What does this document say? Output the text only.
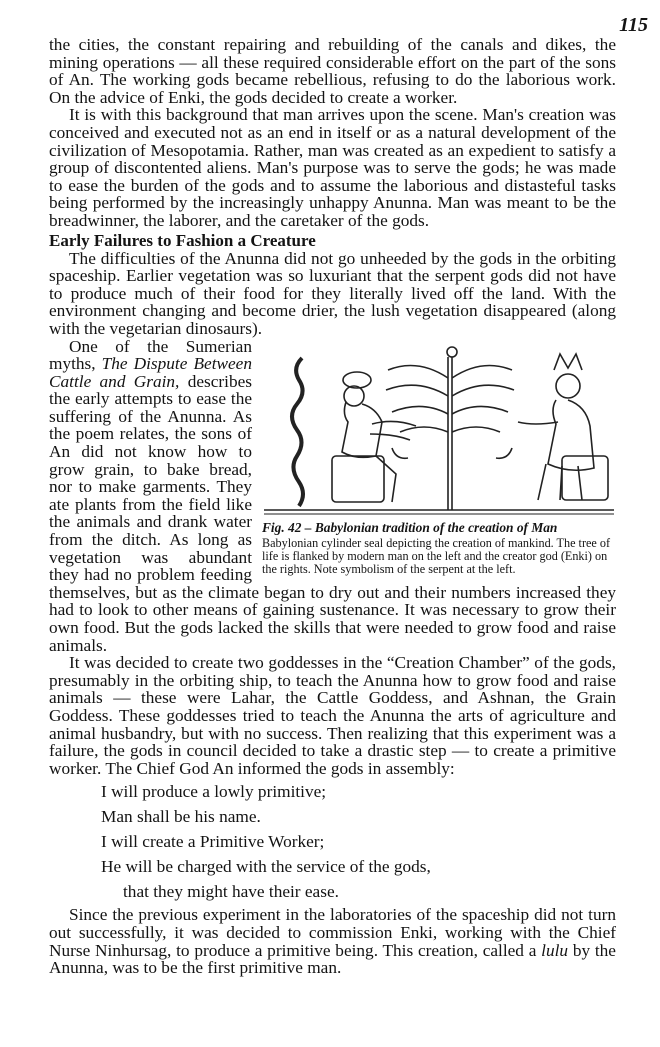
115

the cities, the constant repairing and rebuilding of the canals and dikes, the mining operations — all these required considerable effort on the part of the sons of An. The working gods became rebellious, refusing to do the laborious work. On the advice of Enki, the gods decided to create a worker.

It is with this background that man arrives upon the scene. Man's creation was conceived and executed not as an end in itself or as a natural development of the civilization of Mesopotamia. Rather, man was created as an expedient to satisfy a group of discontented aliens. Man's purpose was to serve the gods; he was made to ease the burden of the gods and to assume the laborious and distasteful tasks being performed by the increasingly unhappy Anunna. Man was meant to be the breadwinner, the laborer, and the caretaker of the gods.

Early Failures to Fashion a Creature

The difficulties of the Anunna did not go unheeded by the gods in the orbiting spaceship. Earlier vegetation was so luxuriant that the serpent gods did not have to produce much of their food for they literally lived off the land. With the environment changing and become drier, the lush vegetation disappeared (along with the vegetarian dinosaurs).

Fig. 42 – Babylonian tradition of the creation of Man

Babylonian cylinder seal depicting the creation of mankind. The tree of life is flanked by modern man on the left and the creator god (Enki) on the rights. Note symbolism of the serpent at the left.

One of the Sumerian myths, The Dispute Between Cattle and Grain, describes the early attempts to ease the suffering of the Anunna. As the poem relates, the sons of An did not know how to grow grain, to bake bread, nor to make garments. They ate plants from the field like the animals and drank water from the ditch. As long as vegetation was abundant they had no problem feeding themselves, but as the climate began to dry out and their numbers increased they had to look to other means of gaining sustenance. It was necessary to grow their own food. But the gods lacked the skills that were needed to grow food and raise animals.

It was decided to create two goddesses in the “Creation Chamber” of the gods, presumably in the orbiting ship, to teach the Anunna how to grow food and raise animals — these were Lahar, the Cattle Goddess, and Ashnan, the Grain Goddess. These goddesses tried to teach the Anunna the arts of agriculture and animal husbandry, but with no success. Then realizing that this experiment was a failure, the gods in council decided to take a drastic step — to create a primitive worker. The Chief God An informed the gods in assembly:

I will produce a lowly primitive;
Man shall be his name.
I will create a Primitive Worker;
He will be charged with the service of the gods,
that they might have their ease.

Since the previous experiment in the laboratories of the spaceship did not turn out successfully, it was decided to commission Enki, working with the Chief Nurse Ninhursag, to produce a primitive being. This creation, called a lulu by the Anunna, was to be the first primitive man.
